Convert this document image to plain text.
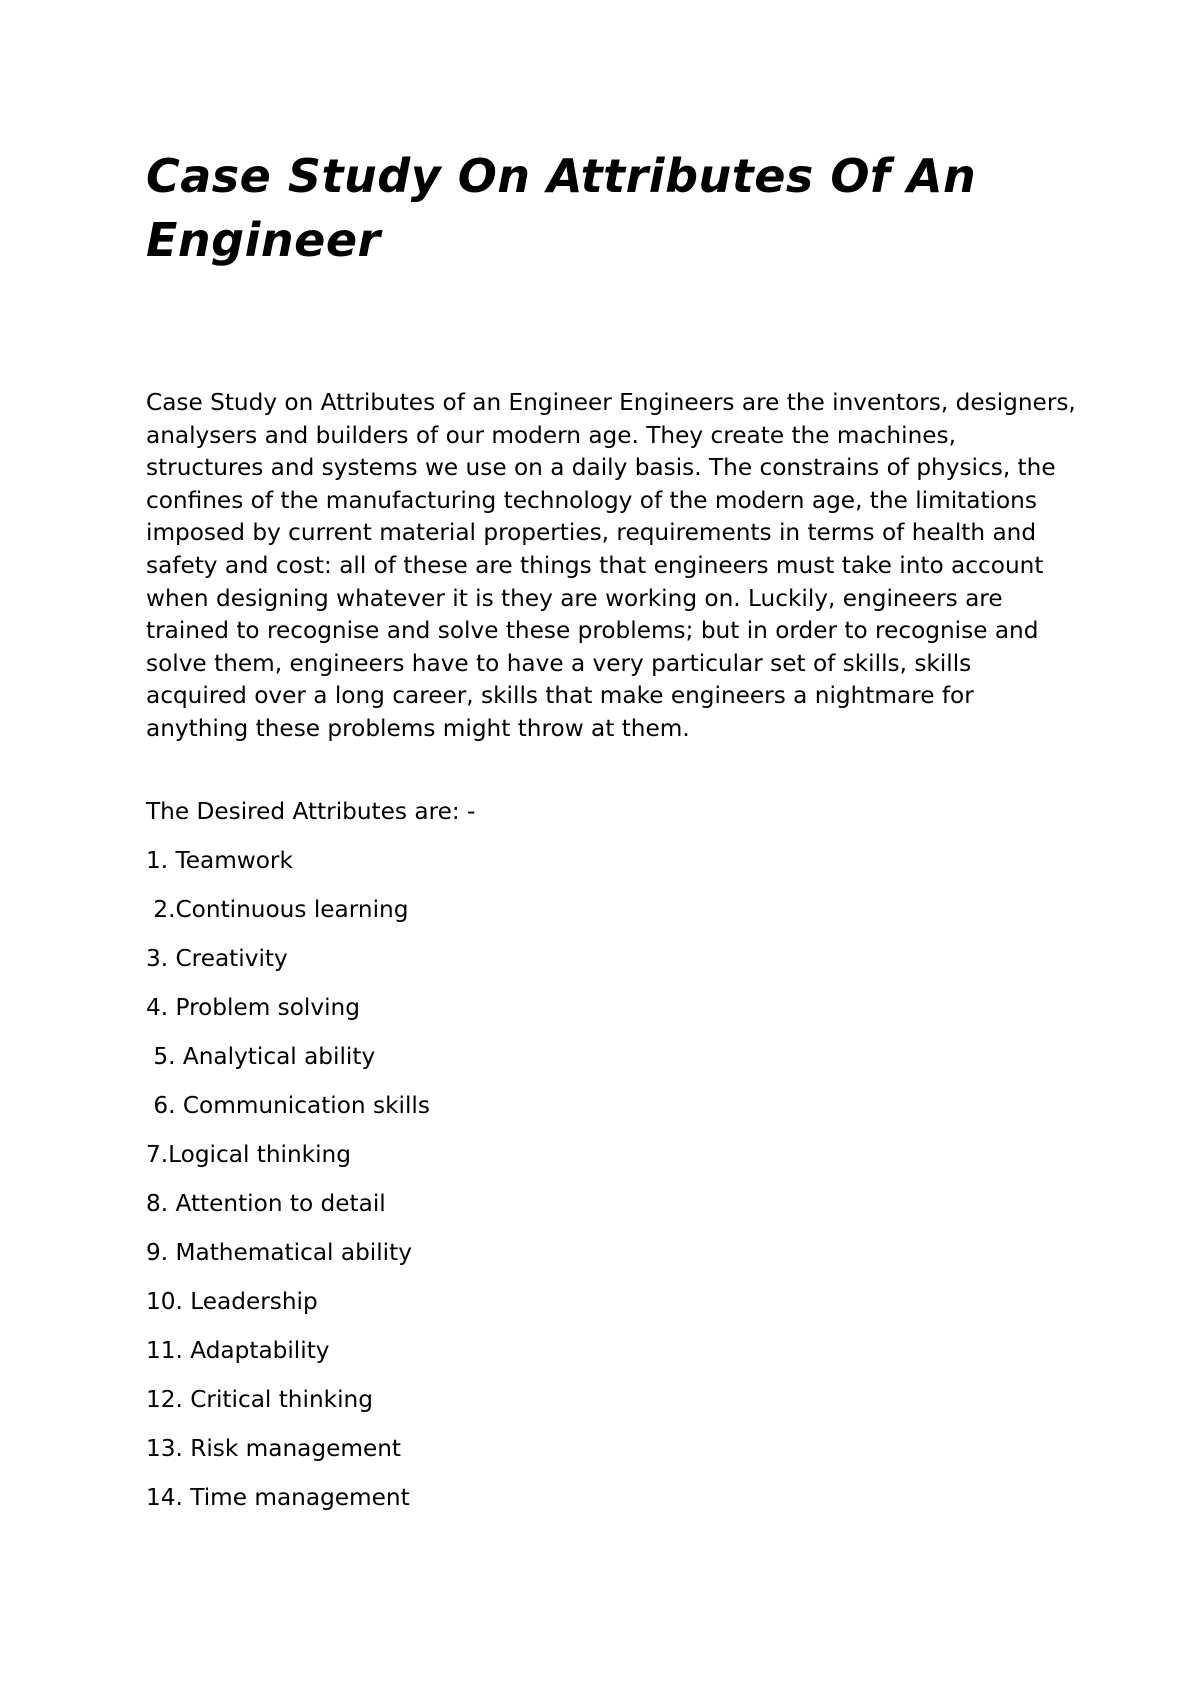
Case Study On Attributes Of An Engineer

Case Study on Attributes of an Engineer Engineers are the inventors, designers, analysers and builders of our modern age. They create the machines, structures and systems we use on a daily basis. The constrains of physics, the confines of the manufacturing technology of the modern age, the limitations imposed by current material properties, requirements in terms of health and safety and cost: all of these are things that engineers must take into account when designing whatever it is they are working on. Luckily, engineers are trained to recognise and solve these problems; but in order to recognise and solve them, engineers have to have a very particular set of skills, skills acquired over a long career, skills that make engineers a nightmare for anything these problems might throw at them.

The Desired Attributes are: -

1. Teamwork
2.Continuous learning
3. Creativity
4. Problem solving
5. Analytical ability
6. Communication skills
7.Logical thinking
8. Attention to detail
9. Mathematical ability
10. Leadership
11. Adaptability
12. Critical thinking
13. Risk management
14. Time management
